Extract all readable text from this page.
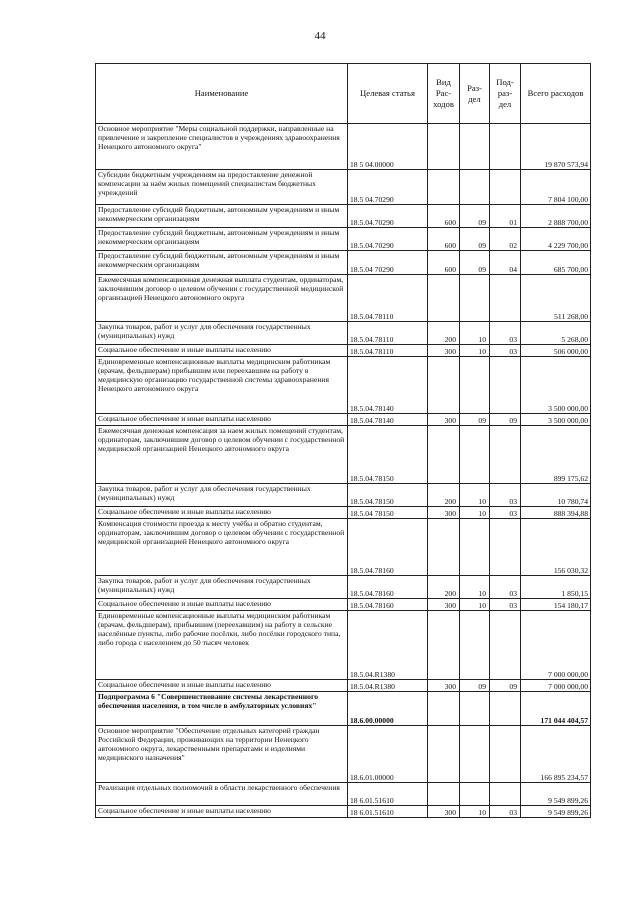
44
Наименование	Целевая статья	Вид Рас-ходов	Раз-дел	Под-раз-дел	Всего расходов
Основное мероприятие "Меры социальной поддержки, направленные на привлечение и закрепление специалистов в учреждениях здравоохранения Ненецкого автономного округа"	18 5 04.00000				19 870 573,94
Субсидии бюджетным учреждениям на предоставление денежной компенсации за наём жилых помещений специалистам бюджетных учреждений	18.5 04.70290				7 804 100,00
Предоставление субсидий бюджетным, автономным учреждениям и иным некоммерческим организациям	18.5.04.70290	600	09	01	2 888 700,00
Предоставление субсидий бюджетным, автономным учреждениям и иным некоммерческим организациям	18.5.04.70290	600	09	02	4 229 700,00
Предоставление субсидий бюджетным, автономным учреждениям и иным некоммерческим организациям	18.5.04 70290	600	09	04	685 700,00
Ежемесячная компенсационная денежная выплата студентам, ординаторам, заключившим договор о целевом обучении с государственной медицинской организацией Ненецкого автономного округа	18.5.04.78110				511 268,00
Закупка товаров, работ и услуг для обеспечения государственных (муниципальных) нужд	18.5.04.78110	200	10	03	5 268,00
Социальное обеспечение и иные выплаты населению	18.5.04.78110	300	10	03	506 000,00
Единовременные компенсационные выплаты медицинским работникам (врачам, фельдшерам) прибывшим или переехавшим на работу в медицинскую организацию государственной системы здравоохранения Ненецкого автономного округа	18.5.04.78140				3 500 000,00
Социальное обеспечение и иные выплаты населению	18.5.04.78140	300	09	09	3 500 000,00
Ежемесячная денежная компенсация за наем жилых помещений студентам, ординаторам, заключившим договор о целевом обучении с государственной медицинской организацией Ненецкого автономного округа	18.5.04.78150				899 175,62
Закупка товаров, работ и услуг для обеспечения государственных (муниципальных) нужд	18.5.04.78150	200	10	03	10 780,74
Социальное обеспечение и иные выплаты населению	18.5.04 78150	300	10	03	888 394,88
Компенсация стоимости проезда к месту учёбы и обратно студентам, ординаторам, заключившим договор о целевом обучении с государственной медицинской организацией Ненецкого автономного округа	18.5.04.78160				156 030,32
Закупка товаров, работ и услуг для обеспечения государственных (муниципальных) нужд	18.5.04.78160	200	10	03	1 850,15
Социальное обеспечение и иные выплаты населению	18.5.04.78160	300	10	03	154 180,17
Единовременные компенсационные выплаты медицинским работникам (врачам, фельдшерам), прибывшим (переехавшим) на работу в сельские населённые пункты, либо рабочие посёлки, либо посёлки городского типа, либо города с населением до 50 тысяч человек	18.5.04.R1380				7 000 000,00
Социальное обеспечение и иные выплаты населению	18.5.04.R1380	300	09	09	7 000 000,00
Подпрограмма 6 "Совершенствование системы лекарственного обеспечения населения, в том числе в амбулаторных условиях"	18.6.00.00000				171 044 404,57
Основное мероприятие "Обеспечение отдельных категорий граждан Российской Федерации, проживающих на территории Ненецкого автономного округа, лекарственными препаратами и изделиями медицинского назначения"	18.6.01.00000				166 895 234,57
Реализация отдельных полномочий в области лекарственного обеспечения	18 6.01.51610				9 549 899,26
Социальное обеспечение и иные выплаты населению	18 6.01.51610	300	10	03	9 549 899,26
